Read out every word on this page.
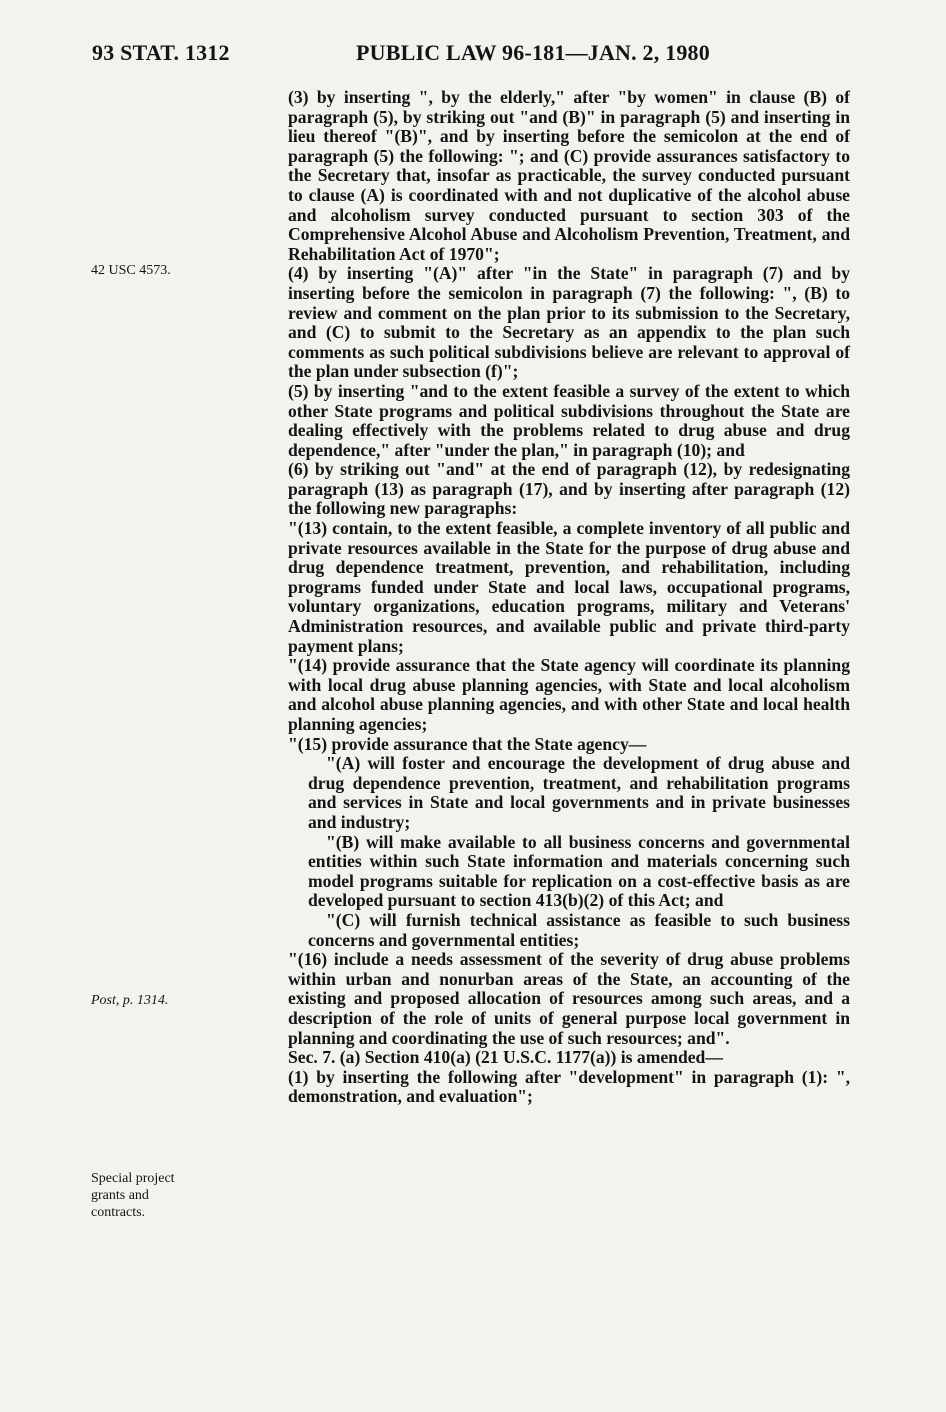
93 STAT. 1312	PUBLIC LAW 96-181—JAN. 2, 1980
42 USC 4573.
Post, p. 1314.
Special project grants and contracts.

(3) by inserting ", by the elderly," after "by women" in clause (B) of paragraph (5), by striking out "and (B)" in paragraph (5) and inserting in lieu thereof "(B)", and by inserting before the semicolon at the end of paragraph (5) the following: "; and (C) provide assurances satisfactory to the Secretary that, insofar as practicable, the survey conducted pursuant to clause (A) is coordinated with and not duplicative of the alcohol abuse and alcoholism survey conducted pursuant to section 303 of the Comprehensive Alcohol Abuse and Alcoholism Prevention, Treatment, and Rehabilitation Act of 1970";

(4) by inserting "(A)" after "in the State" in paragraph (7) and by inserting before the semicolon in paragraph (7) the following: ", (B) to review and comment on the plan prior to its submission to the Secretary, and (C) to submit to the Secretary as an appendix to the plan such comments as such political subdivisions believe are relevant to approval of the plan under subsection (f)";

(5) by inserting "and to the extent feasible a survey of the extent to which other State programs and political subdivisions throughout the State are dealing effectively with the problems related to drug abuse and drug dependence," after "under the plan," in paragraph (10); and

(6) by striking out "and" at the end of paragraph (12), by redesignating paragraph (13) as paragraph (17), and by inserting after paragraph (12) the following new paragraphs:

"(13) contain, to the extent feasible, a complete inventory of all public and private resources available in the State for the purpose of drug abuse and drug dependence treatment, prevention, and rehabilitation, including programs funded under State and local laws, occupational programs, voluntary organizations, education programs, military and Veterans' Administration resources, and available public and private third-party payment plans;

"(14) provide assurance that the State agency will coordinate its planning with local drug abuse planning agencies, with State and local alcoholism and alcohol abuse planning agencies, and with other State and local health planning agencies;

"(15) provide assurance that the State agency—

"(A) will foster and encourage the development of drug abuse and drug dependence prevention, treatment, and rehabilitation programs and services in State and local governments and in private businesses and industry;

"(B) will make available to all business concerns and governmental entities within such State information and materials concerning such model programs suitable for replication on a cost-effective basis as are developed pursuant to section 413(b)(2) of this Act; and

"(C) will furnish technical assistance as feasible to such business concerns and governmental entities;

"(16) include a needs assessment of the severity of drug abuse problems within urban and nonurban areas of the State, an accounting of the existing and proposed allocation of resources among such areas, and a description of the role of units of general purpose local government in planning and coordinating the use of such resources; and".

Sec. 7. (a) Section 410(a) (21 U.S.C. 1177(a)) is amended—

(1) by inserting the following after "development" in paragraph (1): ", demonstration, and evaluation";
